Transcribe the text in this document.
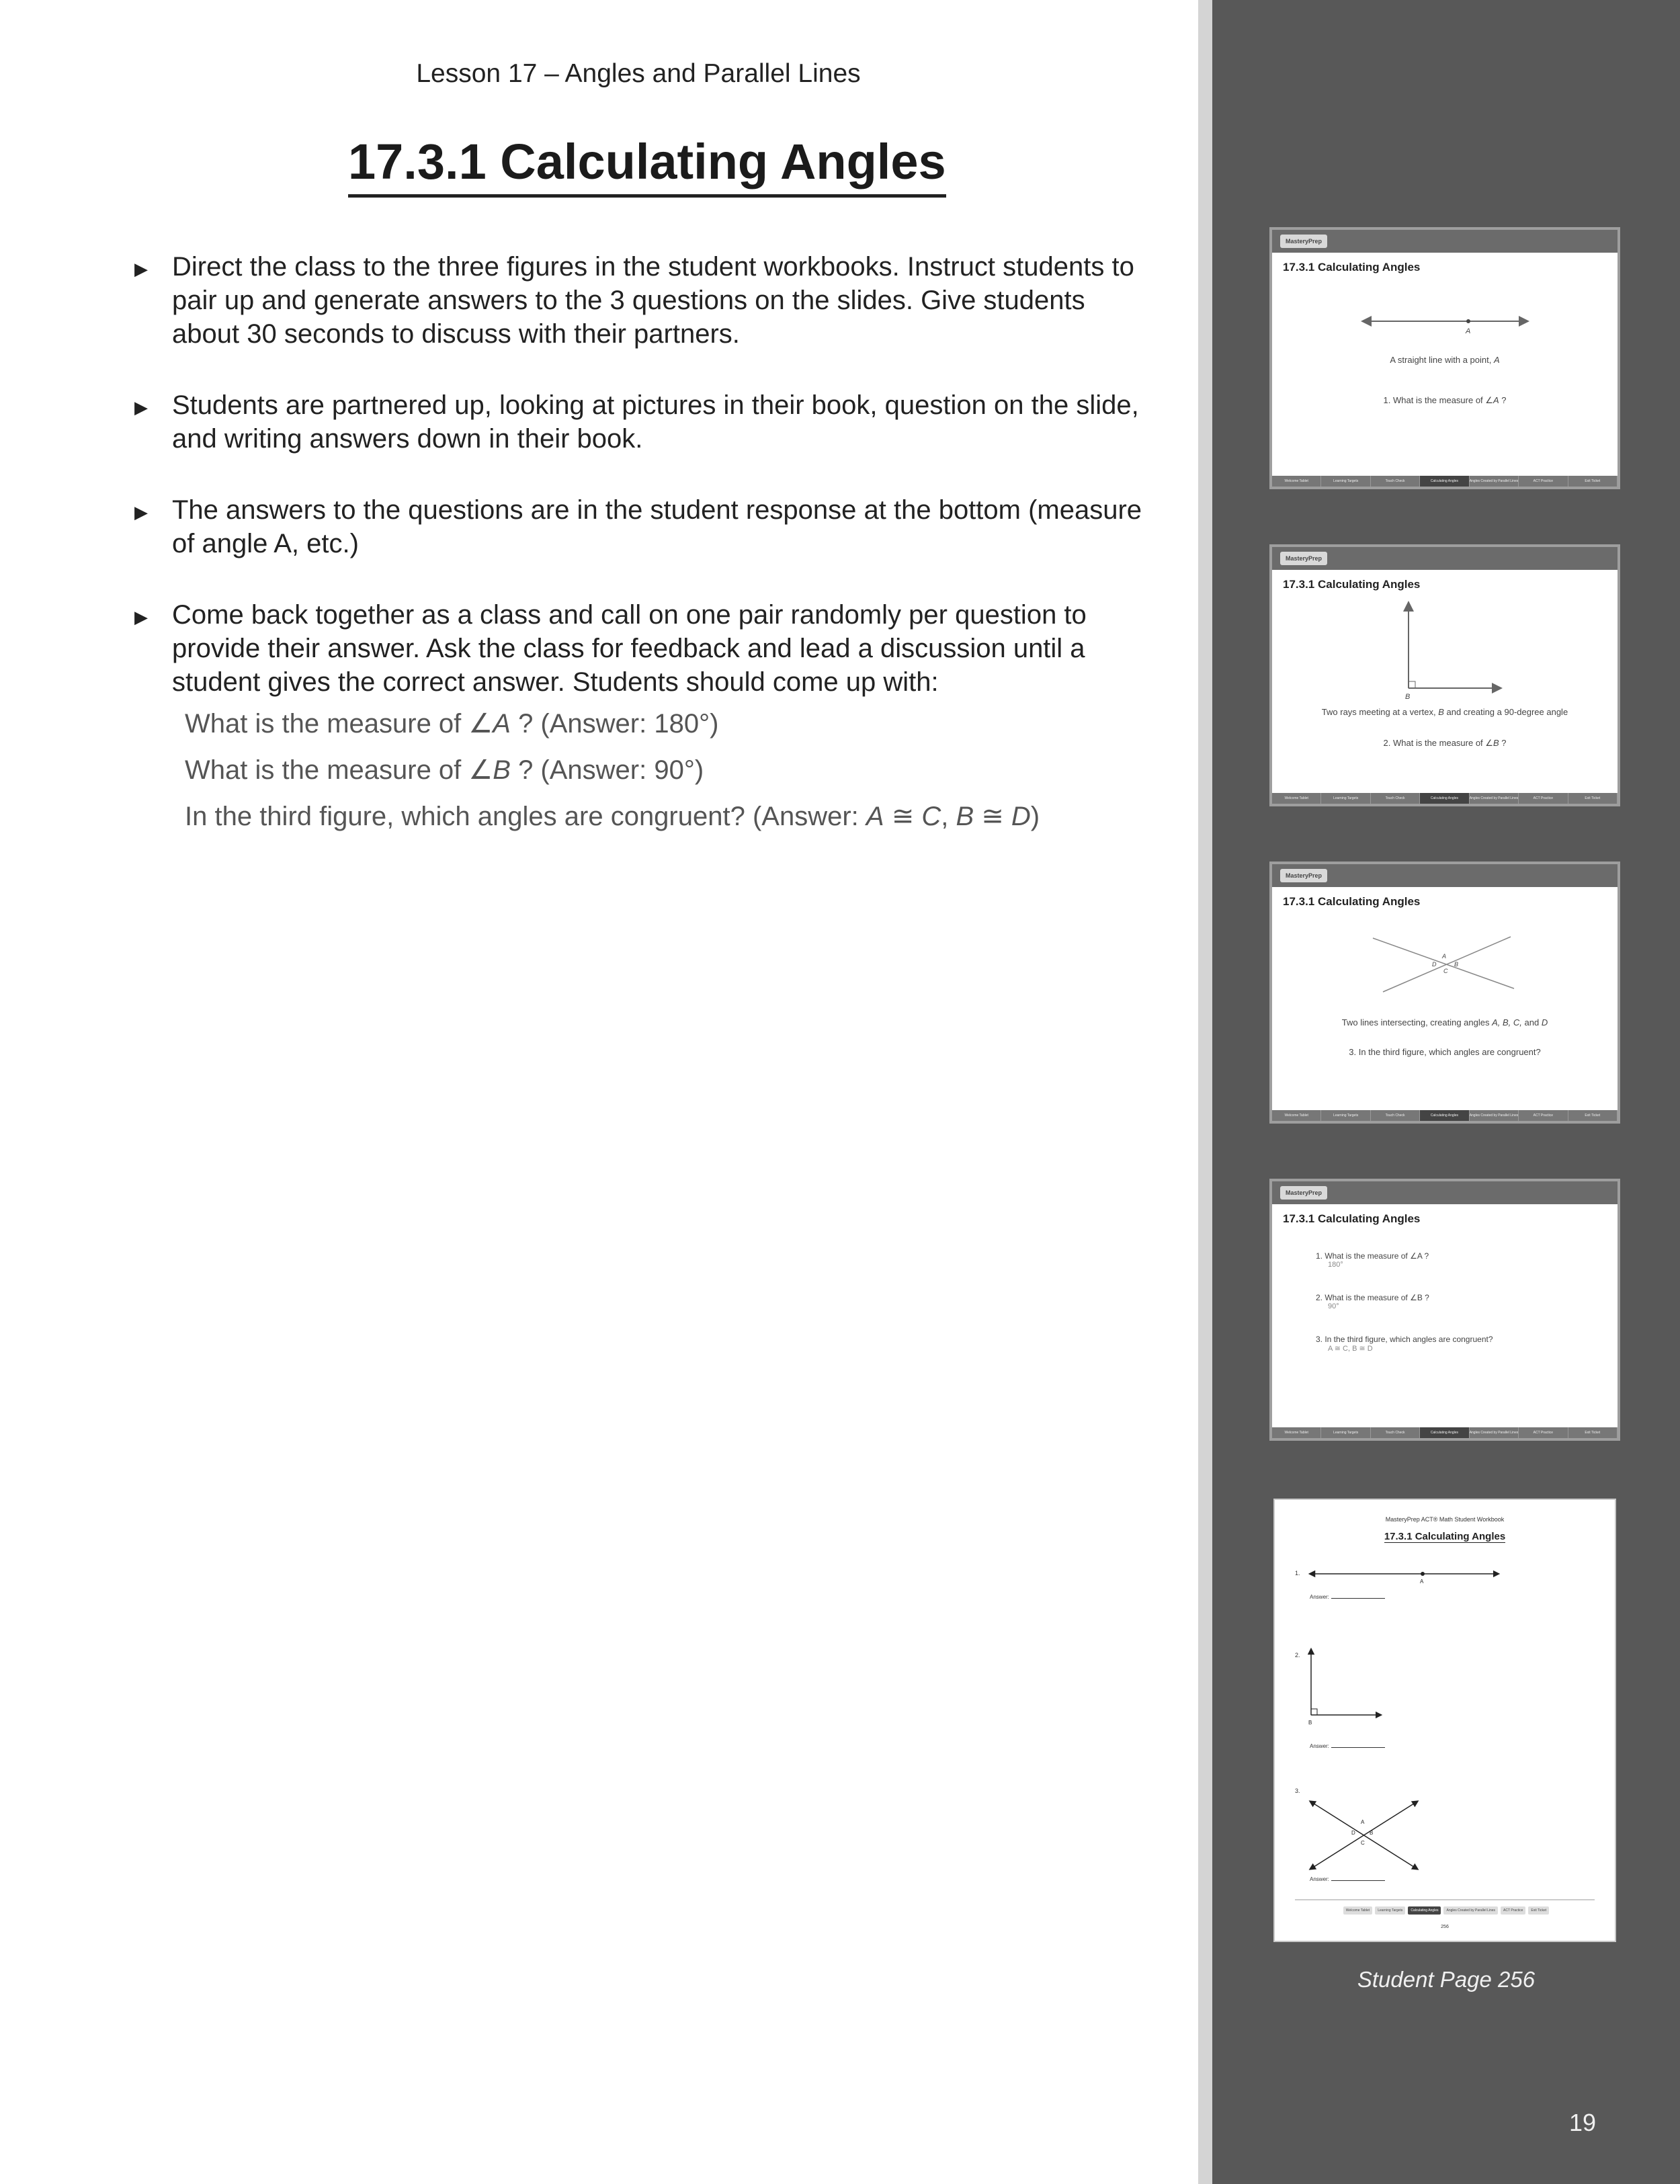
Lesson 17 – Angles and Parallel Lines
17.3.1 Calculating Angles
▶ Direct the class to the three figures in the student workbooks. Instruct students to pair up and generate answers to the 3 questions on the slides. Give students about 30 seconds to discuss with their partners.
▶ Students are partnered up, looking at pictures in their book, question on the slide, and writing answers down in their book.
▶ The answers to the questions are in the student response at the bottom (measure of angle A, etc.)
▶ Come back together as a class and call on one pair randomly per question to provide their answer. Ask the class for feedback and lead a discussion until a student gives the correct answer. Students should come up with:
What is the measure of ∠A ? (Answer: 180°)
What is the measure of ∠B ? (Answer: 90°)
In the third figure, which angles are congruent? (Answer: A ≅ C, B ≅ D)
MasteryPrep
17.3.1 Calculating Angles
A
A straight line with a point, A
1. What is the measure of ∠A ?
Welcome Tablet	Learning Targets	Touch Check	Calculating Angles	Angles Created by Parallel Lines	ACT Practice	Exit Ticket
MasteryPrep
17.3.1 Calculating Angles
B
Two rays meeting at a vertex, B and creating a 90-degree angle
2. What is the measure of ∠B ?
Welcome Tablet	Learning Targets	Touch Check	Calculating Angles	Angles Created by Parallel Lines	ACT Practice	Exit Ticket
MasteryPrep
17.3.1 Calculating Angles
A
B
C
D
Two lines intersecting, creating angles A, B, C, and D
3. In the third figure, which angles are congruent?
Welcome Tablet	Learning Targets	Touch Check	Calculating Angles	Angles Created by Parallel Lines	ACT Practice	Exit Ticket
MasteryPrep
17.3.1 Calculating Angles
1. What is the measure of ∠A ?
180°
2. What is the measure of ∠B ?
90°
3. In the third figure, which angles are congruent?
A ≅ C, B ≅ D
Welcome Tablet	Learning Targets	Touch Check	Calculating Angles	Angles Created by Parallel Lines	ACT Practice	Exit Ticket
MasteryPrep ACT® Math Student Workbook
17.3.1 Calculating Angles
1.
Answer:
2.
Answer:
3.
Answer:
A
B
A
B
C
D
Welcome Tablet	Learning Targets	Calculating Angles	Angles Created by Parallel Lines	ACT Practice	Exit Ticket
256
Student Page 256
19
